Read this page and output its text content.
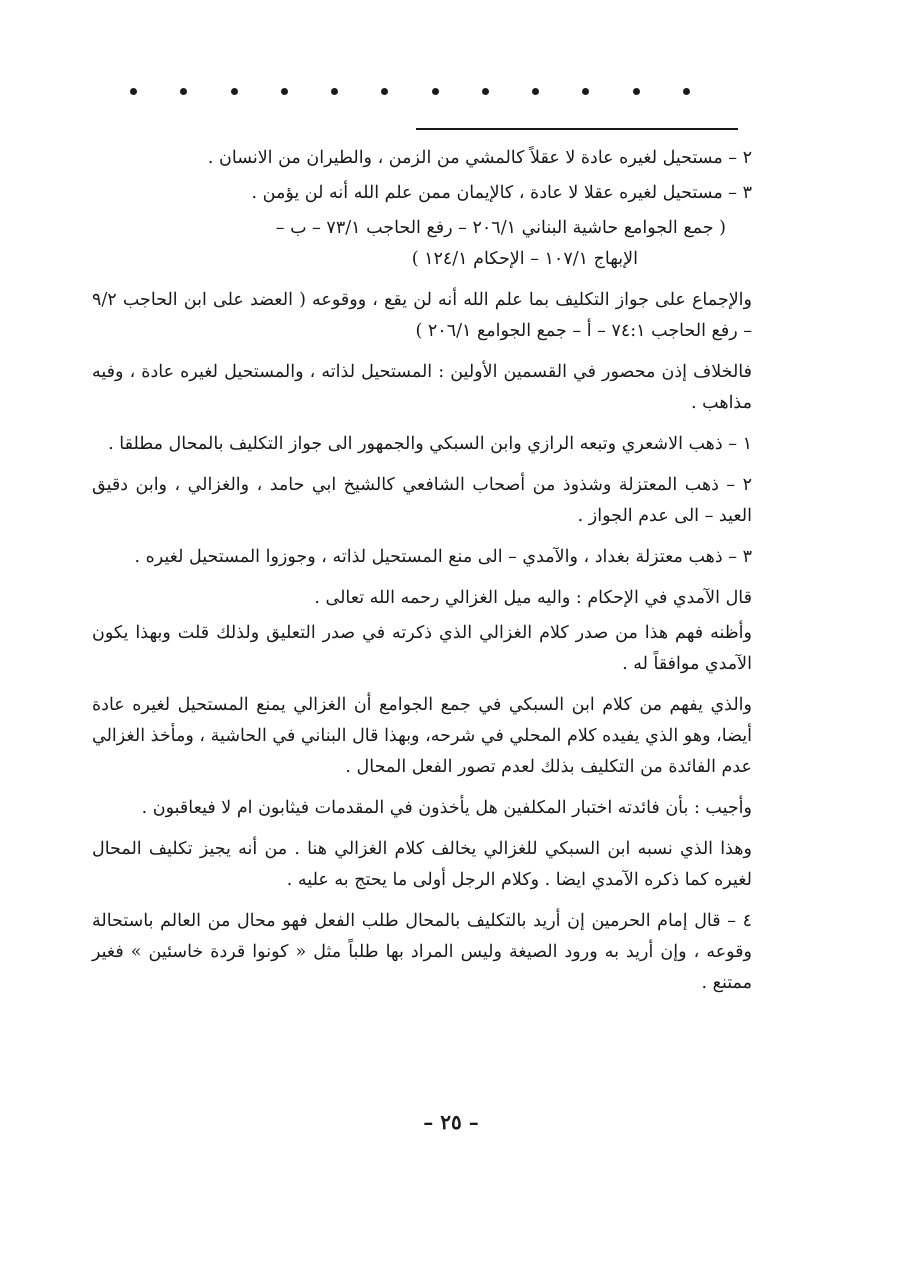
٢ – مستحيل لغيره عادة لا عقلاً كالمشي من الزمن ، والطيران من الانسان .

٣ – مستحيل لغيره عقلا لا عادة ، كالإيمان ممن علم الله أنه لن يؤمن .

( جمع الجوامع حاشية البناني ٢٠٦/١ – رفع الحاجب ٧٣/١ – ب –
الإبهاج ١٠٧/١ – الإحكام ١٢٤/١ )

والإجماع على جواز التكليف بما علم الله أنه لن يقع ، ووقوعه ( العضد على ابن الحاجب ٩/٢ – رفع الحاجب ٧٤:١ – أ – جمع الجوامع ٢٠٦/١ )

فالخلاف إذن محصور في القسمين الأولين : المستحيل لذاته ، والمستحيل لغيره عادة ، وفيه مذاهب .

١ – ذهب الاشعري وتبعه الرازي وابن السبكي والجمهور الى جواز التكليف بالمحال مطلقا .

٢ – ذهب المعتزلة وشذوذ من أصحاب الشافعي كالشيخ ابي حامد ، والغزالي ، وابن دقيق العيد – الى عدم الجواز .

٣ – ذهب معتزلة بغداد ، والآمدي – الى منع المستحيل لذاته ، وجوزوا المستحيل لغيره .

قال الآمدي في الإحكام : واليه ميل الغزالي رحمه الله تعالى .

وأظنه فهم هذا من صدر كلام الغزالي الذي ذكرته في صدر التعليق ولذلك قلت وبهذا يكون الآمدي موافقاً له .

والذي يفهم من كلام ابن السبكي في جمع الجوامع أن الغزالي يمنع المستحيل لغيره عادة أيضا، وهو الذي يفيده كلام المحلي في شرحه، وبهذا قال البناني في الحاشية ، ومأخذ الغزالي عدم الفائدة من التكليف بذلك لعدم تصور الفعل المحال .

وأجيب : بأن فائدته اختبار المكلفين هل يأخذون في المقدمات فيثابون ام لا فيعاقبون .

وهذا الذي نسبه ابن السبكي للغزالي يخالف كلام الغزالي هنا . من أنه يجيز تكليف المحال لغيره كما ذكره الآمدي ايضا . وكلام الرجل أولى ما يحتج به عليه .

٤ – قال إمام الحرمين إن أريد بالتكليف بالمحال طلب الفعل فهو محال من العالم باستحالة وقوعه ، وإن أريد به ورود الصيغة وليس المراد بها طلباً مثل « كونوا قردة خاسئين » فغير ممتنع .

– ٢٥ –
